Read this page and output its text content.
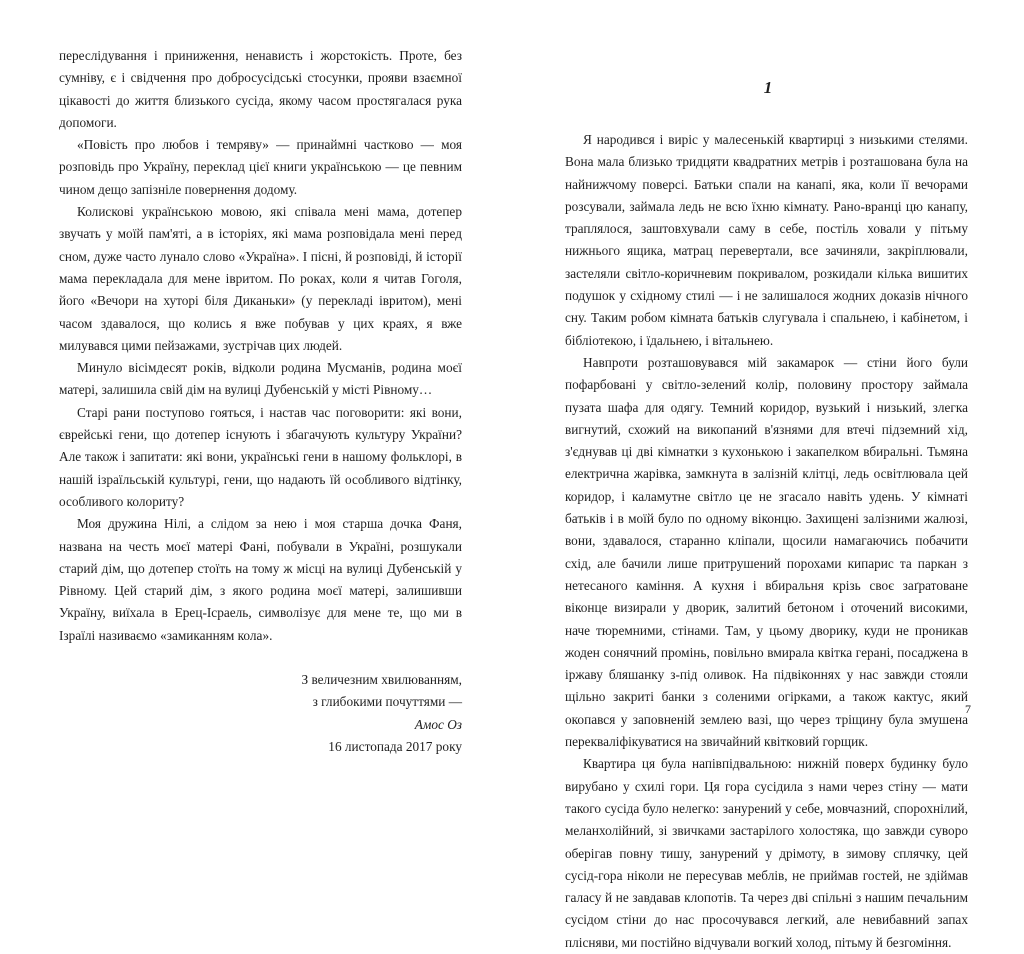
переслідування і приниження, ненависть і жорстокість. Проте, без сумніву, є і свідчення про добросусідські стосунки, прояви взаємної цікавості до життя близького сусіда, якому часом простягалася рука допомоги.

«Повість про любов і темряву» — принаймні частково — моя розповідь про Україну, переклад цієї книги українською — це певним чином дещо запізніле повернення додому.

Колискові українською мовою, які співала мені мама, дотепер звучать у моїй пам'яті, а в історіях, які мама розповідала мені перед сном, дуже часто лунало слово «Україна». І пісні, й розповіді, й історії мама перекладала для мене івритом. По роках, коли я читав Гоголя, його «Вечори на хуторі біля Диканьки» (у перекладі івритом), мені часом здавалося, що колись я вже побував у цих краях, я вже милувався цими пейзажами, зустрічав цих людей.

Минуло вісімдесят років, відколи родина Мусманів, родина моєї матері, залишила свій дім на вулиці Дубенській у місті Рівному…

Старі рани поступово гояться, і настав час поговорити: які вони, єврейські гени, що дотепер існують і збагачують культуру України? Але також і запитати: які вони, українські гени в нашому фольклорі, в нашій ізраїльській культурі, гени, що надають їй особливого відтінку, особливого колориту?

Моя дружина Нілі, а слідом за нею і моя старша дочка Фаня, названа на честь моєї матері Фані, побували в Україні, розшукали старий дім, що дотепер стоїть на тому ж місці на вулиці Дубенській у Рівному. Цей старий дім, з якого родина моєї матері, залишивши Україну, виїхала в Ерец-Ісраель, символізує для мене те, що ми в Ізраїлі називаємо «замиканням кола».

З величезним хвилюванням,
з глибокими почуттями —
Амос Оз
16 листопада 2017 року
1

Я народився і виріс у малесенькій квартирці з низькими стелями. Вона мала близько тридцяти квадратних метрів і розташована була на найнижчому поверсі. Батьки спали на канапі, яка, коли її вечорами розсували, займала ледь не всю їхню кімнату. Рано-вранці цю канапу, траплялося, заштовхували саму в себе, постіль ховали у пітьму нижнього ящика, матрац перевертали, все зачиняли, закріплювали, застеляли світло-коричневим покривалом, розкидали кілька вишитих подушок у східному стилі — і не залишалося жодних доказів нічного сну. Таким робом кімната батьків слугувала і спальнею, і кабінетом, і бібліотекою, і їдальнею, і вітальнею.

Навпроти розташовувався мій закамарок — стіни його були пофарбовані у світло-зелений колір, половину простору займала пузата шафа для одягу. Темний коридор, вузький і низький, злегка вигнутий, схожий на викопаний в'язнями для втечі підземний хід, з'єднував ці дві кімнатки з кухонькою і закапелком вбиральні. Тьмяна електрична жарівка, замкнута в залізній клітці, ледь освітлювала цей коридор, і каламутне світло це не згасало навіть удень. У кімнаті батьків і в моїй було по одному віконцю. Захищені залізними жалюзі, вони, здавалося, старанно кліпали, щосили намагаючись побачити схід, але бачили лише притрушений порохами кипарис та паркан з нетесаного каміння. А кухня і вбиральня крізь своє заґратоване віконце визирали у дворик, залитий бетоном і оточений високими, наче тюремними, стінами. Там, у цьому дворику, куди не проникав жоден сонячний промінь, повільно вмирала квітка герані, посаджена в іржаву бляшанку з-під оливок. На підвіконнях у нас завжди стояли щільно закриті банки з соленими огірками, а також кактус, який окопався у заповненій землею вазі, що через тріщину була змушена перекваліфікуватися на звичайний квітковий горщик.

Квартира ця була напівпідвальною: нижній поверх будинку було вирубано у схилі гори. Ця гора сусідила з нами через стіну — мати такого сусіда було нелегко: занурений у себе, мовчазний, спорохнілий, меланхолійний, зі звичками застарілого холостяка, що завжди суворо оберігав повну тишу, занурений у дрімоту, в зимову сплячку, цей сусід-гора ніколи не пересував меблів, не приймав гостей, не здіймав галасу й не завдавав клопотів. Та через дві спільні з нашим печальним сусідом стіни до нас просочувався легкий, але невибавний запах плісняви, ми постійно відчували вогкий холод, пітьму й безгоміння.

7
